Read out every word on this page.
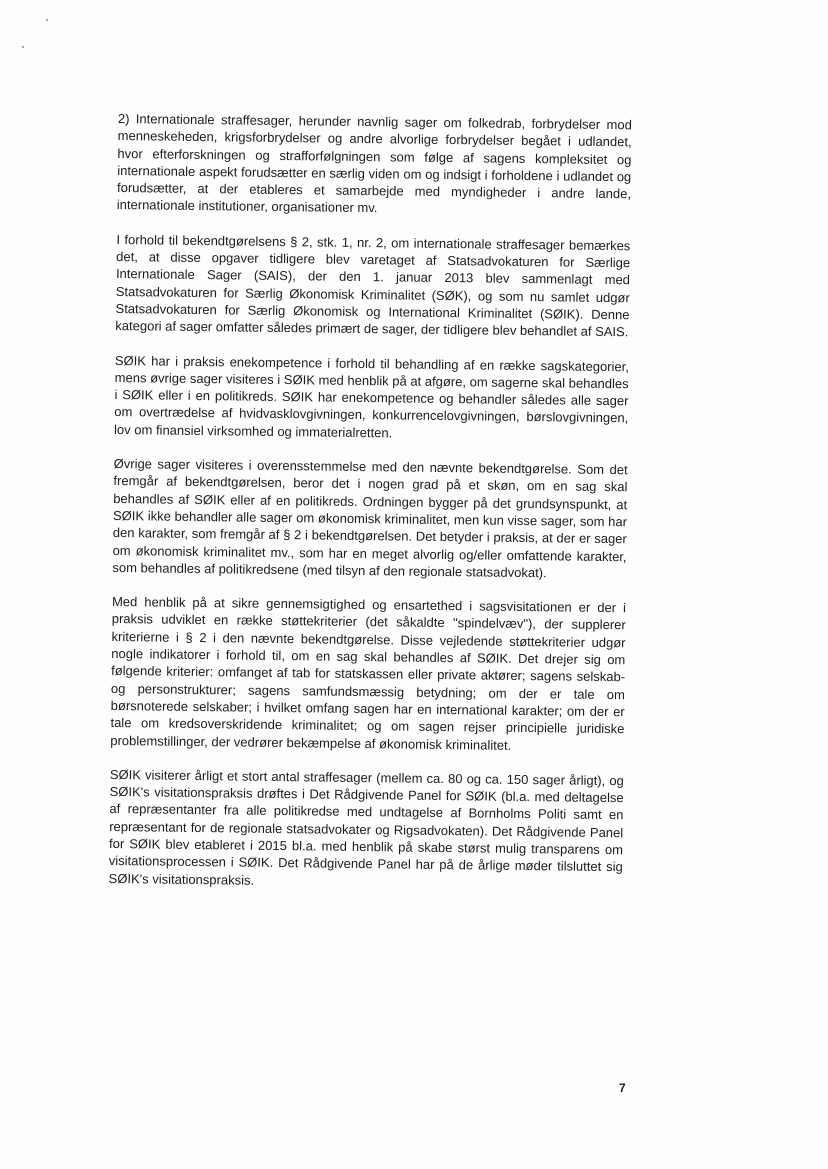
2) Internationale straffesager, herunder navnlig sager om folkedrab, forbrydelser mod menneskeheden, krigsforbrydelser og andre alvorlige forbrydelser begået i udlandet, hvor efterforskningen og strafforfølgningen som følge af sagens kompleksitet og internationale aspekt forudsætter en særlig viden om og indsigt i forholdene i udlandet og forudsætter, at der etableres et samarbejde med myndigheder i andre lande, internationale institutioner, organisationer mv.

I forhold til bekendtgørelsens § 2, stk. 1, nr. 2, om internationale straffesager bemærkes det, at disse opgaver tidligere blev varetaget af Statsadvokaturen for Særlige Internationale Sager (SAIS), der den 1. januar 2013 blev sammenlagt med Statsadvokaturen for Særlig Økonomisk Kriminalitet (SØK), og som nu samlet udgør Statsadvokaturen for Særlig Økonomisk og International Kriminalitet (SØIK). Denne kategori af sager omfatter således primært de sager, der tidligere blev behandlet af SAIS.

SØIK har i praksis enekompetence i forhold til behandling af en række sagskategorier, mens øvrige sager visiteres i SØIK med henblik på at afgøre, om sagerne skal behandles i SØIK eller i en politikreds. SØIK har enekompetence og behandler således alle sager om overtrædelse af hvidvasklovgivningen, konkurrencelovgivningen, børslovgivningen, lov om finansiel virksomhed og immaterialretten.

Øvrige sager visiteres i overensstemmelse med den nævnte bekendtgørelse. Som det fremgår af bekendtgørelsen, beror det i nogen grad på et skøn, om en sag skal behandles af SØIK eller af en politikreds. Ordningen bygger på det grundsynspunkt, at SØIK ikke behandler alle sager om økonomisk kriminalitet, men kun visse sager, som har den karakter, som fremgår af § 2 i bekendtgørelsen. Det betyder i praksis, at der er sager om økonomisk kriminalitet mv., som har en meget alvorlig og/eller omfattende karakter, som behandles af politikredsene (med tilsyn af den regionale statsadvokat).

Med henblik på at sikre gennemsigtighed og ensartethed i sagsvisitationen er der i praksis udviklet en række støttekriterier (det såkaldte "spindelvæv"), der supplerer kriterierne i § 2 i den nævnte bekendtgørelse. Disse vejledende støttekriterier udgør nogle indikatorer i forhold til, om en sag skal behandles af SØIK. Det drejer sig om følgende kriterier: omfanget af tab for statskassen eller private aktører; sagens selskab- og personstrukturer; sagens samfundsmæssig betydning; om der er tale om børsnoterede selskaber; i hvilket omfang sagen har en international karakter; om der er tale om kredsoverskridende kriminalitet; og om sagen rejser principielle juridiske problemstillinger, der vedrører bekæmpelse af økonomisk kriminalitet.

SØIK visiterer årligt et stort antal straffesager (mellem ca. 80 og ca. 150 sager årligt), og SØIK's visitationspraksis drøftes i Det Rådgivende Panel for SØIK (bl.a. med deltagelse af repræsentanter fra alle politikredse med undtagelse af Bornholms Politi samt en repræsentant for de regionale statsadvokater og Rigsadvokaten). Det Rådgivende Panel for SØIK blev etableret i 2015 bl.a. med henblik på skabe størst mulig transparens om visitationsprocessen i SØIK. Det Rådgivende Panel har på de årlige møder tilsluttet sig SØIK's visitationspraksis.

7
